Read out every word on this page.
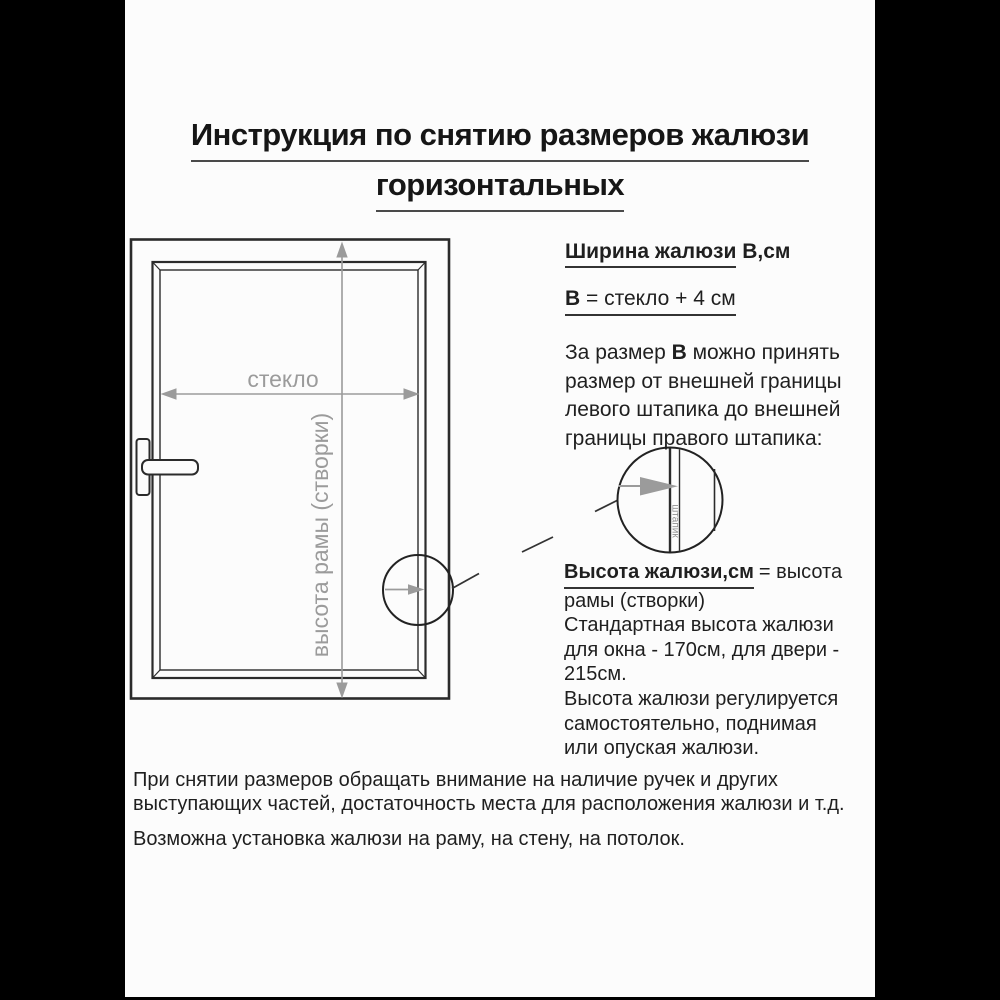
Инструкция по снятию размеров жалюзи
горизонтальных
стекло
высота рамы (створки)	штапик
Ширина жалюзи В,см
В = стекло + 4 см
За размер В можно принять
размер от внешней границы
левого штапика до внешней
границы правого штапика:
Высота жалюзи,см = высота
рамы (створки)
Стандартная высота жалюзи
для окна - 170см, для двери -
215см.
Высота жалюзи регулируется
самостоятельно, поднимая
или опуская жалюзи.
При снятии размеров обращать внимание на наличие ручек и других
выступающих частей, достаточность места для расположения жалюзи и т.д.
Возможна установка жалюзи на раму, на стену, на потолок.
